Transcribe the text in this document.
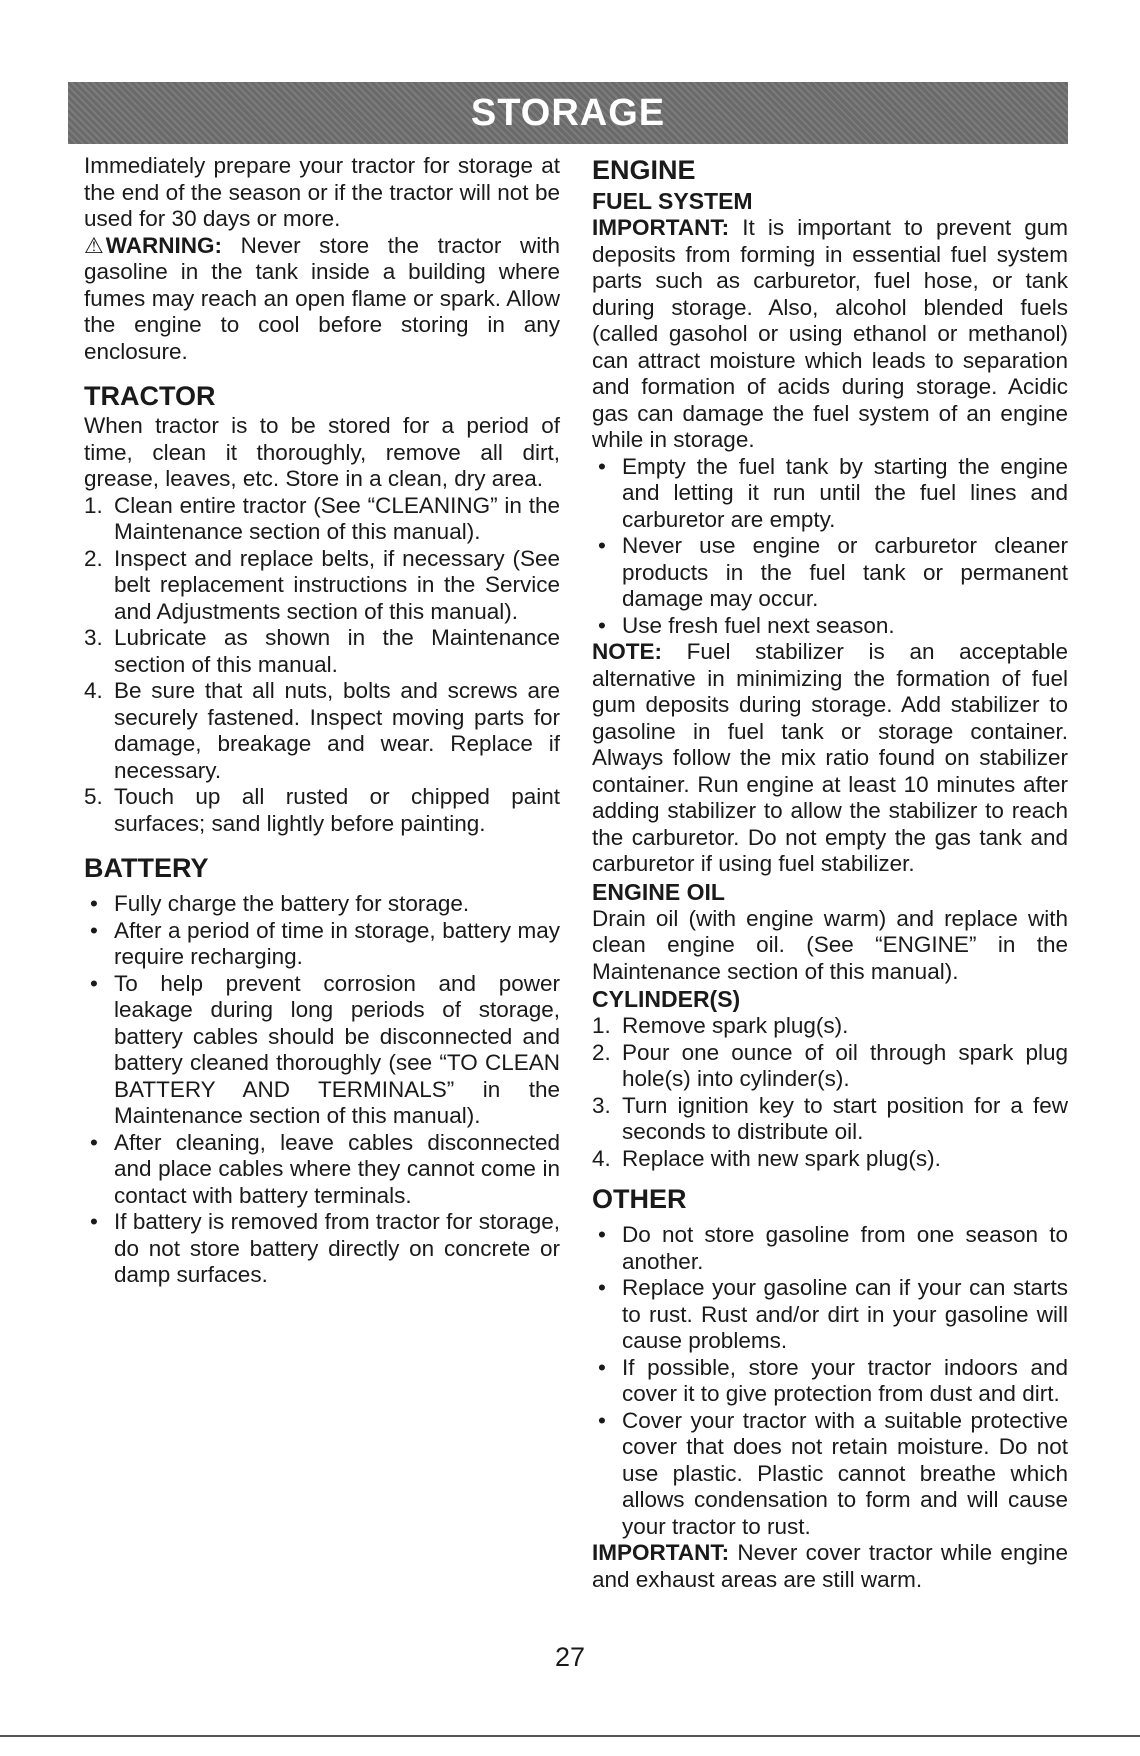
STORAGE

Immediately prepare your tractor for storage at the end of the season or if the tractor will not be used for 30 days or more.

⚠WARNING: Never store the tractor with gasoline in the tank inside a building where fumes may reach an open flame or spark. Allow the engine to cool before storing in any enclosure.

TRACTOR

When tractor is to be stored for a period of time, clean it thoroughly, remove all dirt, grease, leaves, etc. Store in a clean, dry area.

1. Clean entire tractor (See “CLEANING” in the Maintenance section of this manual).
2. Inspect and replace belts, if necessary (See belt replacement instructions in the Service and Adjustments section of this manual).
3. Lubricate as shown in the Maintenance section of this manual.
4. Be sure that all nuts, bolts and screws are securely fastened. Inspect moving parts for damage, breakage and wear. Replace if necessary.
5. Touch up all rusted or chipped paint surfaces; sand lightly before painting.
BATTERY
• Fully charge the battery for storage.
• After a period of time in storage, battery may require recharging.
• To help prevent corrosion and power leakage during long periods of storage, battery cables should be disconnected and battery cleaned thoroughly (see “TO CLEAN BATTERY AND TERMINALS” in the Maintenance section of this manual).
• After cleaning, leave cables disconnected and place cables where they cannot come in contact with battery terminals.
• If battery is removed from tractor for storage, do not store battery directly on concrete or damp surfaces.
ENGINE
FUEL SYSTEM

IMPORTANT: It is important to prevent gum deposits from forming in essential fuel system parts such as carburetor, fuel hose, or tank during storage. Also, alcohol blended fuels (called gasohol or using ethanol or methanol) can attract moisture which leads to separation and formation of acids during storage. Acidic gas can damage the fuel system of an engine while in storage.

• Empty the fuel tank by starting the engine and letting it run until the fuel lines and carburetor are empty.
• Never use engine or carburetor cleaner products in the fuel tank or permanent damage may occur.
• Use fresh fuel next season.

NOTE: Fuel stabilizer is an acceptable alternative in minimizing the formation of fuel gum deposits during storage. Add stabilizer to gasoline in fuel tank or storage container. Always follow the mix ratio found on stabilizer container. Run engine at least 10 minutes after adding stabilizer to allow the stabilizer to reach the carburetor. Do not empty the gas tank and carburetor if using fuel stabilizer.

ENGINE OIL

Drain oil (with engine warm) and replace with clean engine oil. (See “ENGINE” in the Maintenance section of this manual).

CYLINDER(S)
1. Remove spark plug(s).
2. Pour one ounce of oil through spark plug hole(s) into cylinder(s).
3. Turn ignition key to start position for a few seconds to distribute oil.
4. Replace with new spark plug(s).
OTHER
• Do not store gasoline from one season to another.
• Replace your gasoline can if your can starts to rust. Rust and/or dirt in your gasoline will cause problems.
• If possible, store your tractor indoors and cover it to give protection from dust and dirt.
• Cover your tractor with a suitable protective cover that does not retain moisture. Do not use plastic. Plastic cannot breathe which allows condensation to form and will cause your tractor to rust.

IMPORTANT: Never cover tractor while engine and exhaust areas are still warm.

27
